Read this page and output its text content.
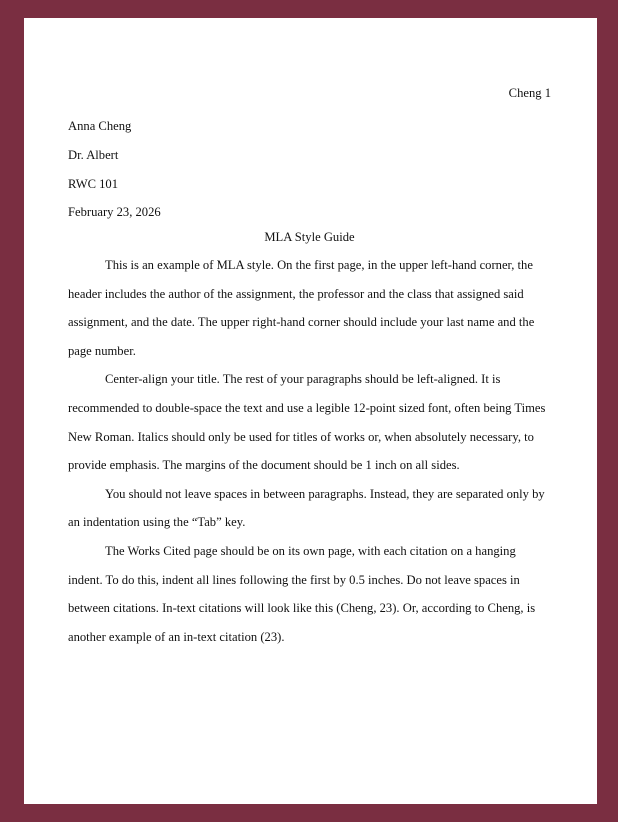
Cheng 1
Anna Cheng
Dr. Albert
RWC 101
February 23, 2026
MLA Style Guide

This is an example of MLA style. On the first page, in the upper left-hand corner, the header includes the author of the assignment, the professor and the class that assigned said assignment, and the date. The upper right-hand corner should include your last name and the page number.

Center-align your title. The rest of your paragraphs should be left-aligned. It is recommended to double-space the text and use a legible 12-point sized font, often being Times New Roman. Italics should only be used for titles of works or, when absolutely necessary, to provide emphasis. The margins of the document should be 1 inch on all sides.

You should not leave spaces in between paragraphs. Instead, they are separated only by an indentation using the “Tab” key.

The Works Cited page should be on its own page, with each citation on a hanging indent. To do this, indent all lines following the first by 0.5 inches. Do not leave spaces in between citations. In-text citations will look like this (Cheng, 23). Or, according to Cheng, is another example of an in-text citation (23).
